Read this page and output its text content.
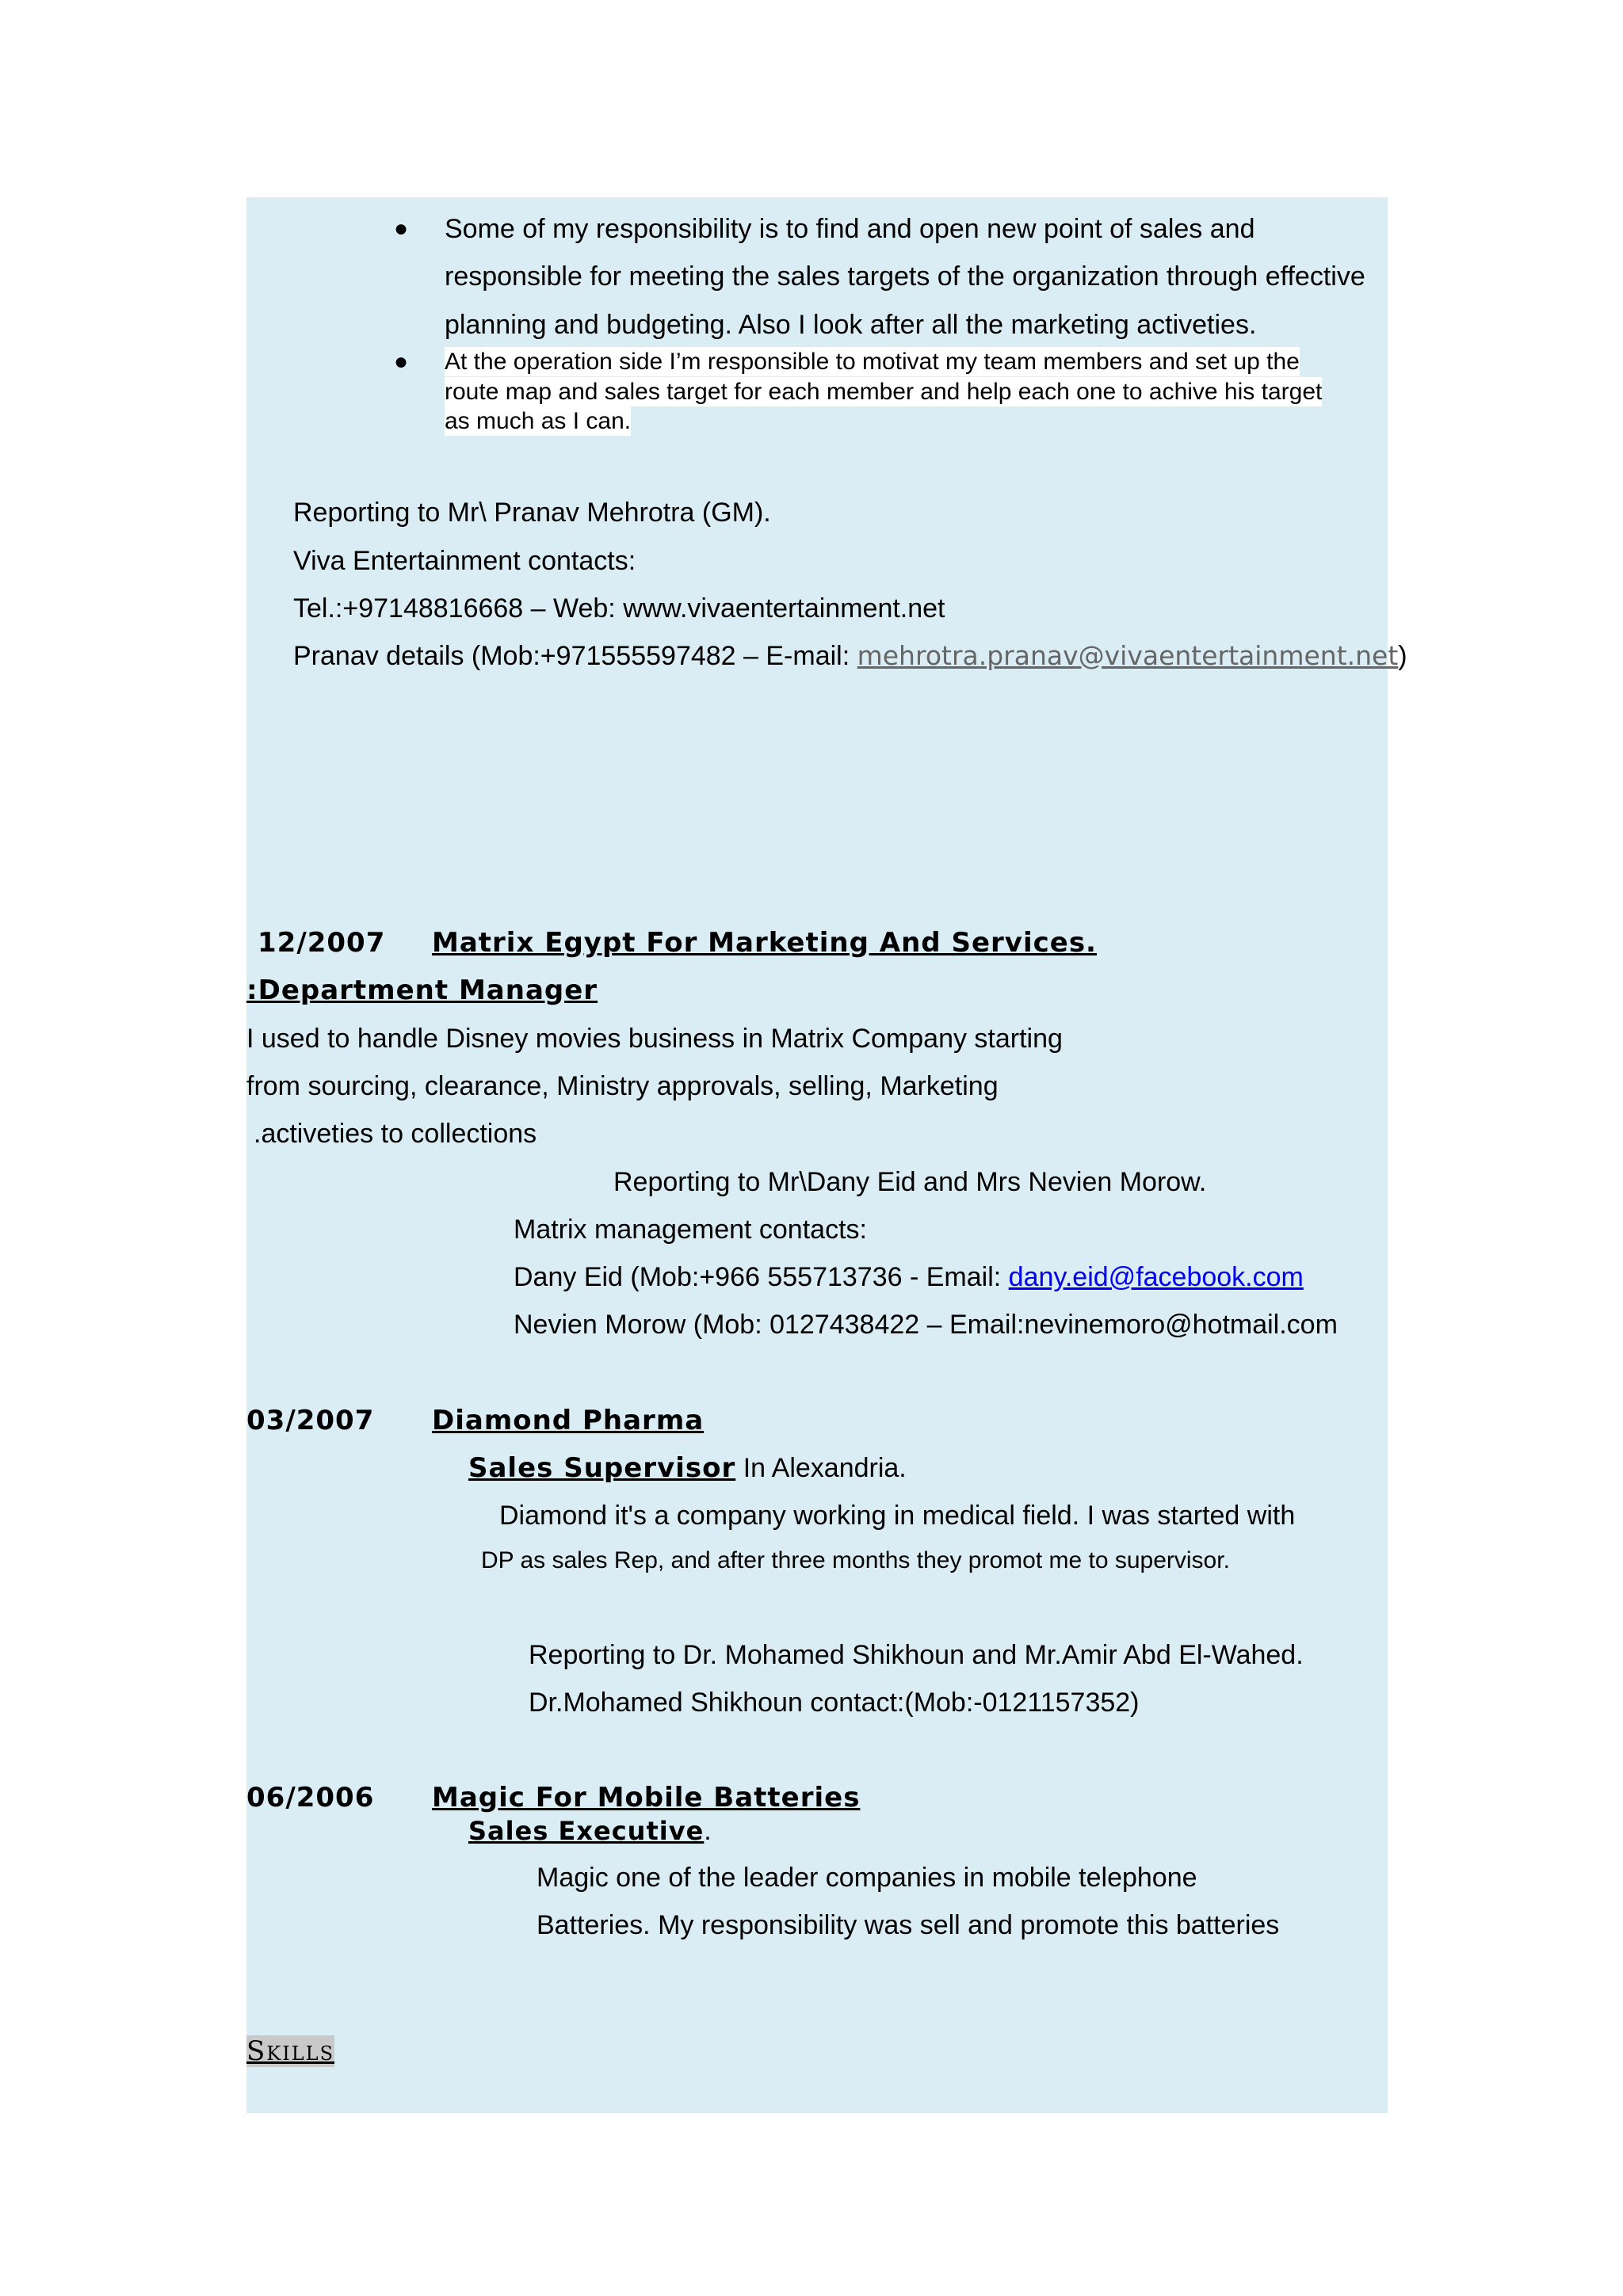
● Some of my responsibility is to find and open new point of sales and
responsible for meeting the sales targets of the organization through effective
planning and budgeting. Also I look after all the marketing activeties.
● At the operation side I’m responsible to motivat my team members and set up the
route map and sales target for each member and help each one to achive his target
as much as I can.
Reporting to Mr\ Pranav Mehrotra (GM).
Viva Entertainment contacts:
Tel.:+97148816668 – Web: www.vivaentertainment.net
Pranav details (Mob:+971555597482 – E-mail: mehrotra.pranav@vivaentertainment.net)
12/2007 Matrix Egypt For Marketing And Services.
:Department Manager
I used to handle Disney movies business in Matrix Company starting
from sourcing, clearance, Ministry approvals, selling, Marketing
.activeties to collections
Reporting to Mr\Dany Eid and Mrs Nevien Morow.
Matrix management contacts:
Dany Eid (Mob:+966 555713736 - Email: dany.eid@facebook.com
Nevien Morow (Mob: 0127438422 – Email:nevinemoro@hotmail.com
03/2007 Diamond Pharma
Sales Supervisor In Alexandria.
Diamond it's a company working in medical field. I was started with
DP as sales Rep, and after three months they promot me to supervisor.
Reporting to Dr. Mohamed Shikhoun and Mr.Amir Abd El-Wahed.
Dr.Mohamed Shikhoun contact:(Mob:-0121157352)
06/2006 Magic For Mobile Batteries
Sales Executive.
Magic one of the leader companies in mobile telephone
Batteries. My responsibility was sell and promote this batteries
Skills
